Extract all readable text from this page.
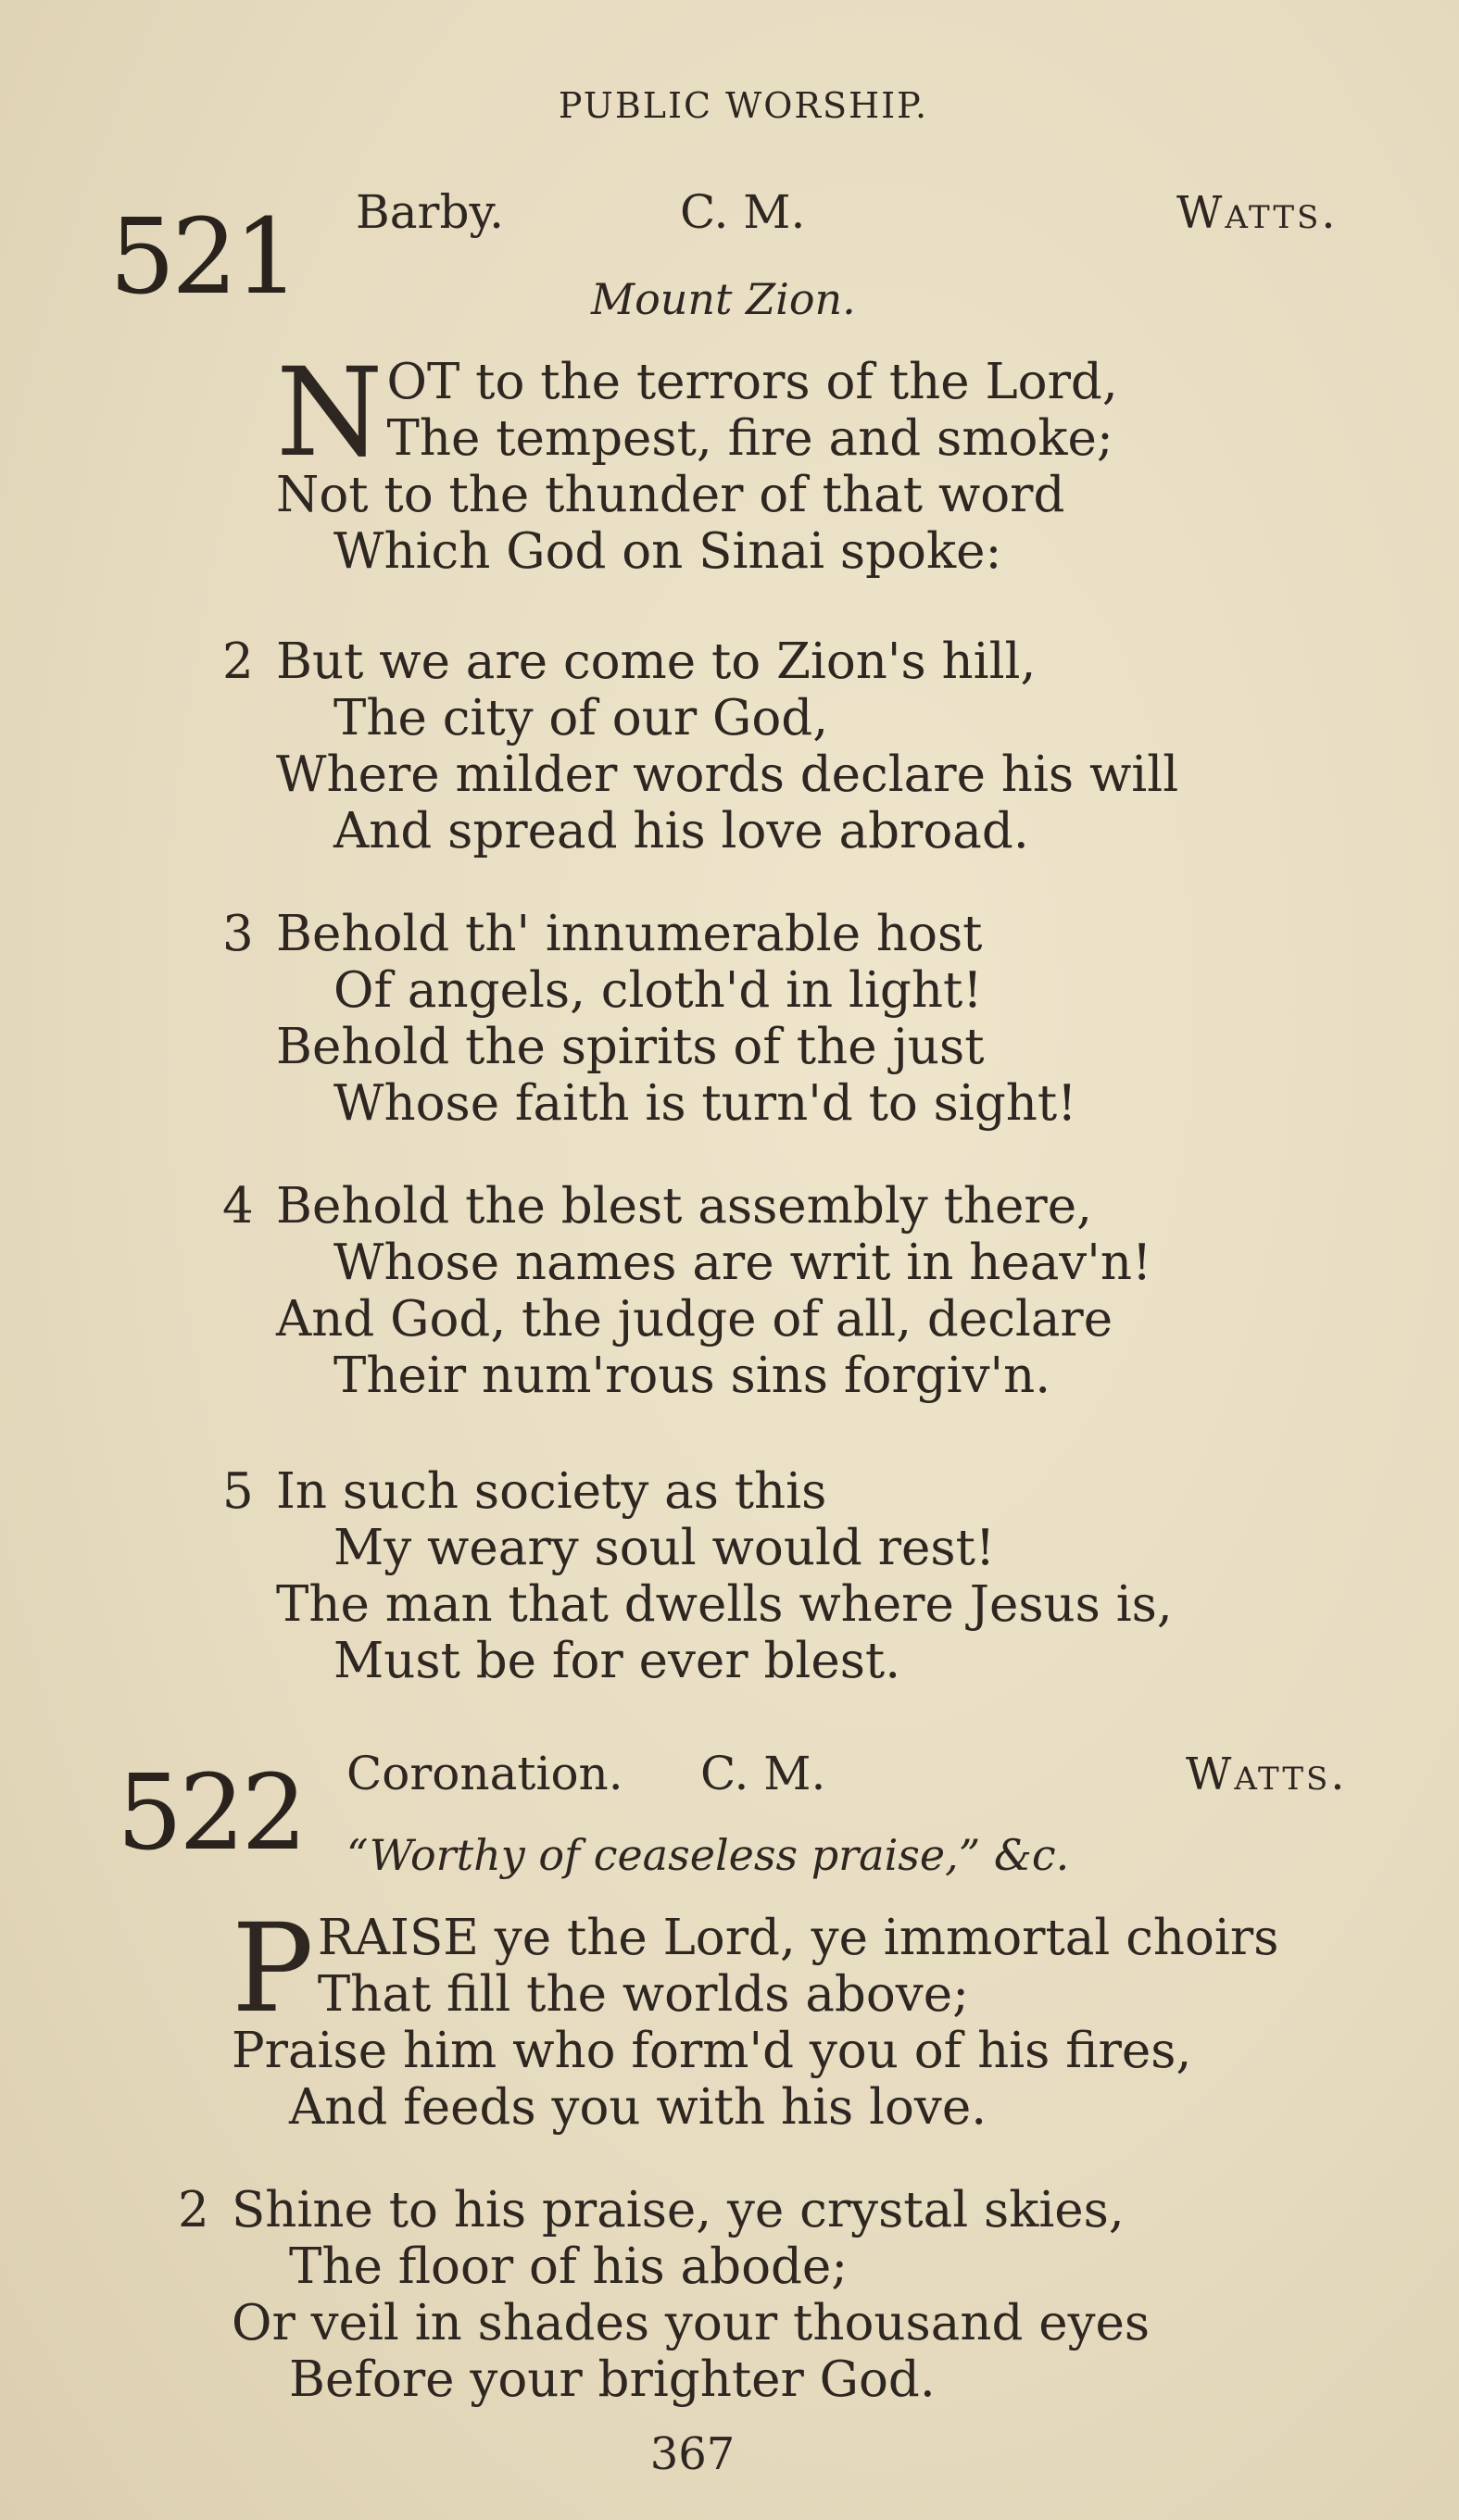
PUBLIC WORSHIP.
521 Barby.	C. M.	Watts.
Mount Zion.
N OT to the terrors of the Lord,
The tempest, fire and smoke;
Not to the thunder of that word
Which God on Sinai spoke:
2 But we are come to Zion's hill,
The city of our God,
Where milder words declare his will
And spread his love abroad.
3 Behold th' innumerable host
Of angels, cloth'd in light!
Behold the spirits of the just
Whose faith is turn'd to sight!
4 Behold the blest assembly there,
Whose names are writ in heav'n!
And God, the judge of all, declare
Their num'rous sins forgiv'n.
5 In such society as this
My weary soul would rest!
The man that dwells where Jesus is,
Must be for ever blest.
522 Coronation. C. M.	Watts.
“Worthy of ceaseless praise,” &c.
P RAISE ye the Lord, ye immortal choirs
That fill the worlds above;
Praise him who form'd you of his fires,
And feeds you with his love.
2 Shine to his praise, ye crystal skies,
The floor of his abode;
Or veil in shades your thousand eyes
Before your brighter God.
367
